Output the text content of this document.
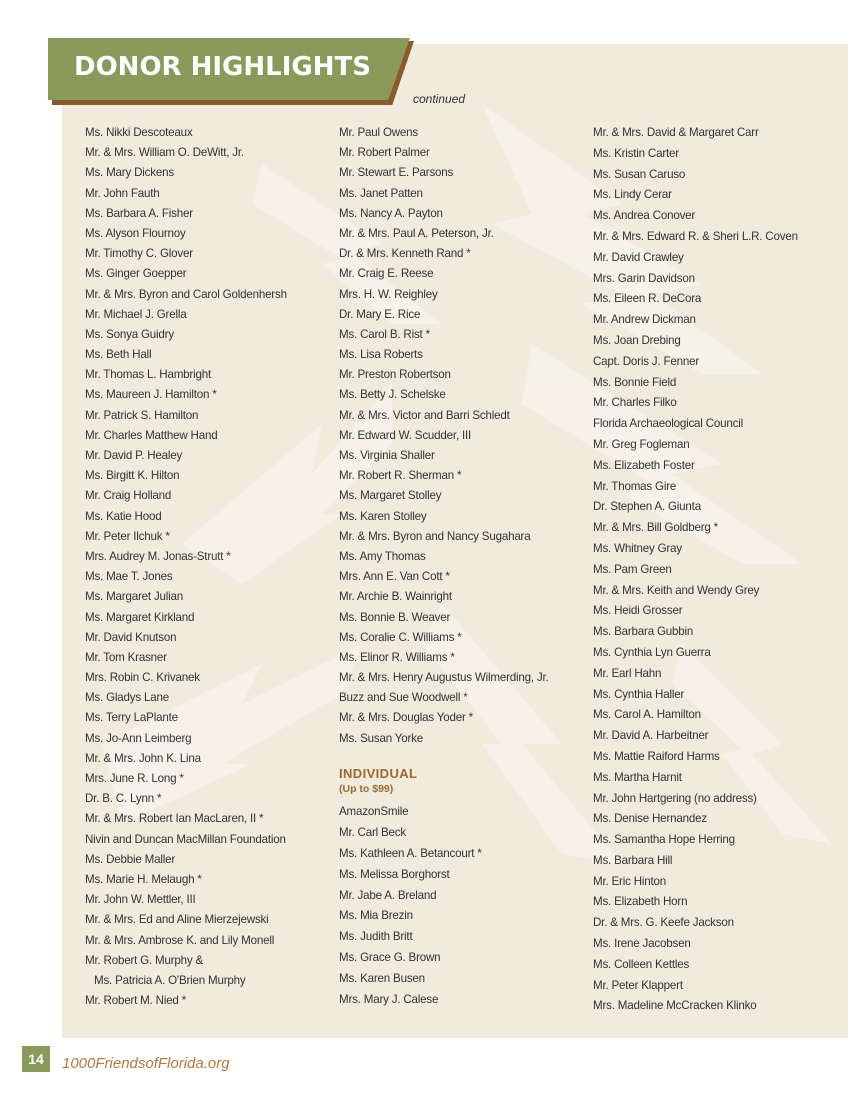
DONOR HIGHLIGHTS
continued
Ms. Nikki Descoteaux
Mr. & Mrs. William O. DeWitt, Jr.
Ms. Mary Dickens
Mr. John Fauth
Ms. Barbara A. Fisher
Ms. Alyson Flournoy
Mr. Timothy C. Glover
Ms. Ginger Goepper
Mr. & Mrs. Byron and Carol Goldenhersh
Mr. Michael J. Grella
Ms. Sonya Guidry
Ms. Beth Hall
Mr. Thomas L. Hambright
Ms. Maureen J. Hamilton *
Mr. Patrick S. Hamilton
Mr. Charles Matthew Hand
Mr. David P. Healey
Ms. Birgitt K. Hilton
Mr. Craig Holland
Ms. Katie Hood
Mr. Peter Ilchuk *
Mrs. Audrey M. Jonas-Strutt *
Ms. Mae T. Jones
Ms. Margaret Julian
Ms. Margaret Kirkland
Mr. David Knutson
Mr. Tom Krasner
Mrs. Robin C. Krivanek
Ms. Gladys Lane
Ms. Terry LaPlante
Ms. Jo-Ann Leimberg
Mr. & Mrs. John K. Lina
Mrs. June R. Long *
Dr. B. C. Lynn *
Mr. & Mrs. Robert Ian MacLaren, II *
Nivin and Duncan MacMillan Foundation
Ms. Debbie Maller
Ms. Marie H. Melaugh *
Mr. John W. Mettler, III
Mr. & Mrs. Ed and Aline Mierzejewski
Mr. & Mrs. Ambrose K. and Lily Monell
Mr. Robert G. Murphy &
Ms. Patricia A. O'Brien Murphy
Mr. Robert M. Nied *
Mr. Paul Owens
Mr. Robert Palmer
Mr. Stewart E. Parsons
Ms. Janet Patten
Ms. Nancy A. Payton
Mr. & Mrs. Paul A. Peterson, Jr.
Dr. & Mrs. Kenneth Rand *
Mr. Craig E. Reese
Mrs. H. W. Reighley
Dr. Mary E. Rice
Ms. Carol B. Rist *
Ms. Lisa Roberts
Mr. Preston Robertson
Ms. Betty J. Schelske
Mr. & Mrs. Victor and Barri Schledt
Mr. Edward W. Scudder, III
Ms. Virginia Shaller
Mr. Robert R. Sherman *
Ms. Margaret Stolley
Ms. Karen Stolley
Mr. & Mrs. Byron and Nancy Sugahara
Ms. Amy Thomas
Mrs. Ann E. Van Cott *
Mr. Archie B. Wainright
Ms. Bonnie B. Weaver
Ms. Coralie C. Williams *
Ms. Elinor R. Williams *
Mr. & Mrs. Henry Augustus Wilmerding, Jr.
Buzz and Sue Woodwell *
Mr. & Mrs. Douglas Yoder *
Ms. Susan Yorke

INDIVIDUAL

(Up to $99)

AmazonSmile
Mr. Carl Beck
Ms. Kathleen A. Betancourt *
Ms. Melissa Borghorst
Mr. Jabe A. Breland
Ms. Mia Brezin
Ms. Judith Britt
Ms. Grace G. Brown
Ms. Karen Busen
Mrs. Mary J. Calese
Mr. & Mrs. David & Margaret Carr
Ms. Kristin Carter
Ms. Susan Caruso
Ms. Lindy Cerar
Ms. Andrea Conover
Mr. & Mrs. Edward R. & Sheri L.R. Coven
Mr. David Crawley
Mrs. Garin Davidson
Ms. Eileen R. DeCora
Mr. Andrew Dickman
Ms. Joan Drebing
Capt. Doris J. Fenner
Ms. Bonnie Field
Mr. Charles Filko
Florida Archaeological Council
Mr. Greg Fogleman
Ms. Elizabeth Foster
Mr. Thomas Gire
Dr. Stephen A. Giunta
Mr. & Mrs. Bill Goldberg *
Ms. Whitney Gray
Ms. Pam Green
Mr. & Mrs. Keith and Wendy Grey
Ms. Heidi Grosser
Ms. Barbara Gubbin
Ms. Cynthia Lyn Guerra
Mr. Earl Hahn
Ms. Cynthia Haller
Ms. Carol A. Hamilton
Mr. David A. Harbeitner
Ms. Mattie Raiford Harms
Ms. Martha Harnit
Mr. John Hartgering (no address)
Ms. Denise Hernandez
Ms. Samantha Hope Herring
Ms. Barbara Hill
Mr. Eric Hinton
Ms. Elizabeth Horn
Dr. & Mrs. G. Keefe Jackson
Ms. Irene Jacobsen
Ms. Colleen Kettles
Mr. Peter Klappert
Mrs. Madeline McCracken Klinko
14	1000FriendsofFlorida.org
